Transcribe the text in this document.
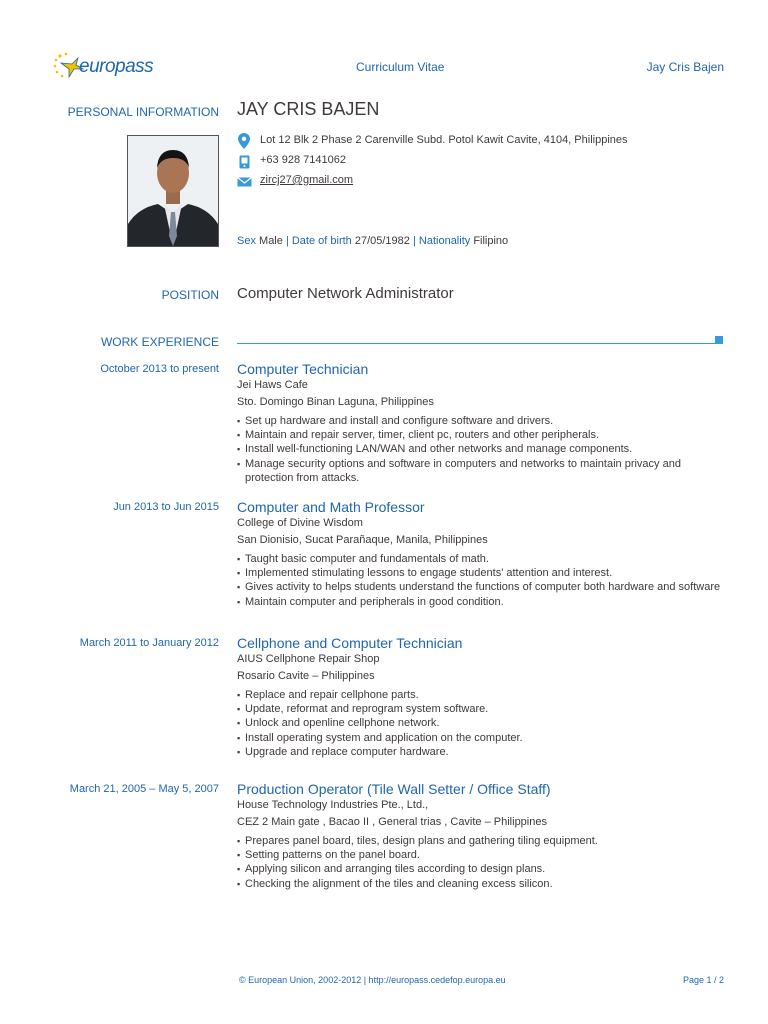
europass	Curriculum Vitae	Jay Cris Bajen
PERSONAL INFORMATION JAY CRIS BAJEN
Lot 12 Blk 2 Phase 2 Carenville Subd. Potol Kawit Cavite, 4104, Philippines
+63 928 7141062
zircj27@gmail.com
Sex Male | Date of birth 27/05/1982 | Nationality Filipino
POSITION Computer Network Administrator
WORK EXPERIENCE
October 2013 to present Computer Technician
Jei Haws Cafe
Sto. Domingo Binan Laguna, Philippines
▪ Set up hardware and install and configure software and drivers.
▪ Maintain and repair server, timer, client pc, routers and other peripherals.
▪ Install well-functioning LAN/WAN and other networks and manage components.
▪ Manage security options and software in computers and networks to maintain privacy and protection from attacks.
Jun 2013 to Jun 2015 Computer and Math Professor
College of Divine Wisdom
San Dionisio, Sucat Parañaque, Manila, Philippines
▪ Taught basic computer and fundamentals of math.
▪ Implemented stimulating lessons to engage students' attention and interest.
▪ Gives activity to helps students understand the functions of computer both hardware and software
▪ Maintain computer and peripherals in good condition.
March 2011 to January 2012 Cellphone and Computer Technician
AIUS Cellphone Repair Shop
Rosario Cavite – Philippines
▪ Replace and repair cellphone parts.
▪ Update, reformat and reprogram system software.
▪ Unlock and openline cellphone network.
▪ Install operating system and application on the computer.
▪ Upgrade and replace computer hardware.
March 21, 2005 – May 5, 2007 Production Operator (Tile Wall Setter / Office Staff)
House Technology Industries Pte., Ltd.,
CEZ 2 Main gate , Bacao II , General trias , Cavite – Philippines
▪ Prepares panel board, tiles, design plans and gathering tiling equipment.
▪ Setting patterns on the panel board.
▪ Applying silicon and arranging tiles according to design plans.
▪ Checking the alignment of the tiles and cleaning excess silicon.
© European Union, 2002-2012 | http://europass.cedefop.europa.eu	Page 1 / 2
